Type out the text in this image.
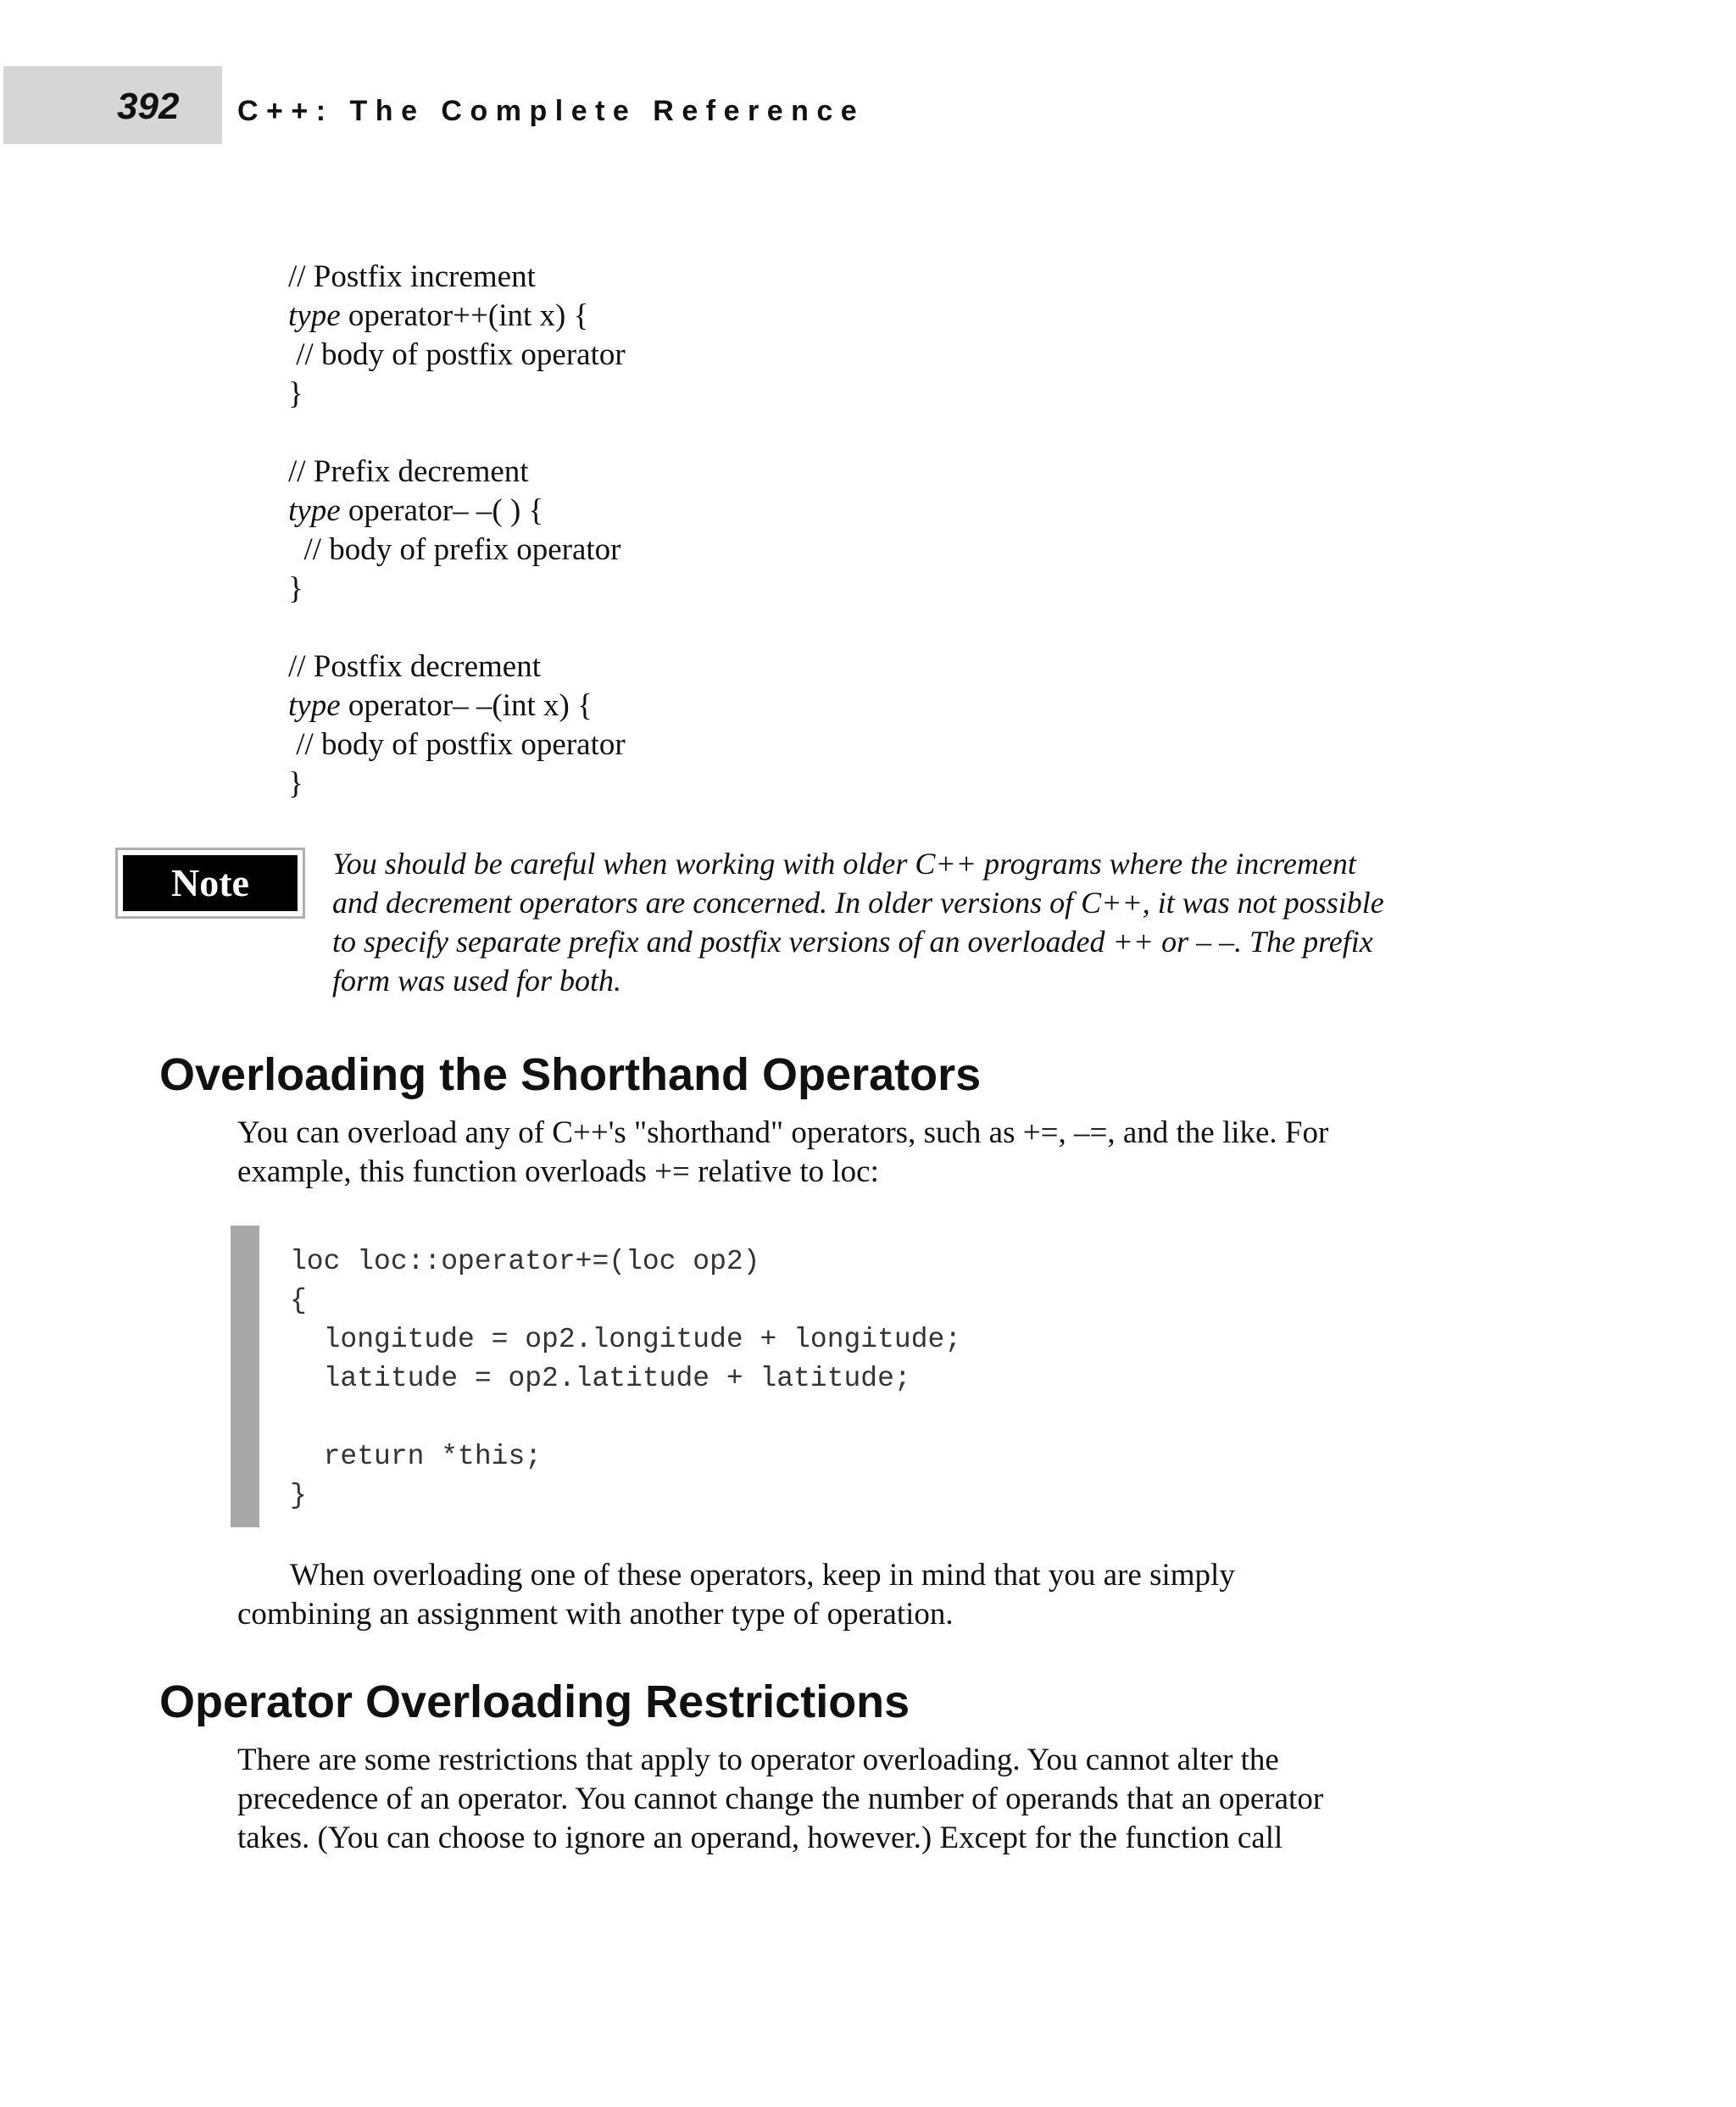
392 C++: The Complete Reference
// Postfix increment
type operator++(int x) {
// body of postfix operator
}
// Prefix decrement
type operator– –( ) {
// body of prefix operator
}
// Postfix decrement
type operator– –(int x) {
// body of postfix operator
}
Note	You should be careful when working with older C++ programs where the increment
and decrement operators are concerned. In older versions of C++, it was not possible
to specify separate prefix and postfix versions of an overloaded ++ or – –. The prefix
form was used for both.

Overloading the Shorthand Operators

You can overload any of C++'s "shorthand" operators, such as +=, –=, and the like. For
example, this function overloads += relative to loc:

loc loc::operator+=(loc op2)
{
longitude = op2.longitude + longitude;
latitude = op2.latitude + latitude;
return *this;
}

When overloading one of these operators, keep in mind that you are simply
combining an assignment with another type of operation.

Operator Overloading Restrictions

There are some restrictions that apply to operator overloading. You cannot alter the
precedence of an operator. You cannot change the number of operands that an operator
takes. (You can choose to ignore an operand, however.) Except for the function call
